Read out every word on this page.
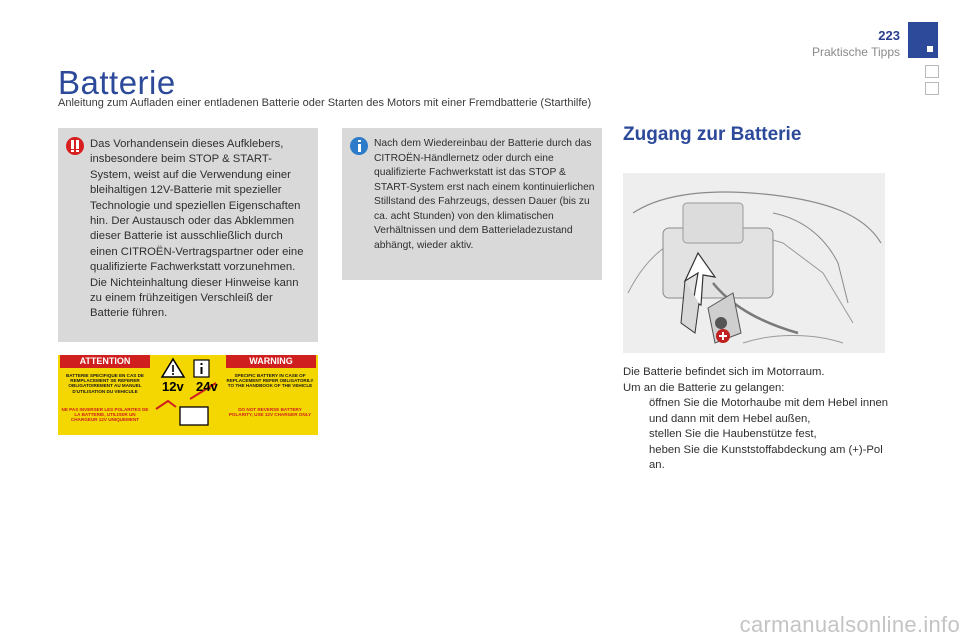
223
Praktische Tipps
Batterie
Anleitung zum Aufladen einer entladenen Batterie oder Starten des Motors mit einer Fremdbatterie (Starthilfe)
Das Vorhandensein dieses Aufklebers, insbesondere beim STOP & START-System, weist auf die Verwendung einer bleihaltigen 12V-Batterie mit spezieller Technologie und speziellen Eigenschaften hin. Der Austausch oder das Abklemmen dieser Batterie ist ausschließlich durch einen CITROËN-Vertragspartner oder eine qualifizierte Fachwerkstatt vorzunehmen. Die Nichteinhaltung dieser Hinweise kann zu einem frühzeitigen Verschleiß der Batterie führen.
Nach dem Wiedereinbau der Batterie durch das CITROËN-Händlernetz oder durch eine qualifizierte Fachwerkstatt ist das STOP & START-System erst nach einem kontinuierlichen Stillstand des Fahrzeugs, dessen Dauer (bis zu ca. acht Stunden) von den klimatischen Verhältnissen und dem Batterieladezustand abhängt, wieder aktiv.
ATTENTION	WARNING
BATTERIE SPECIFIQUE EN CAS DE REMPLACEMENT SE REFERER OBLIGATOIREMENT AU MANUEL D'UTILISATION DU VEHICULE
NE PAS INVERSER LES POLARITES DE LA BATTERIE, UTILISER UN CHARGEUR 12V UNIQUEMENT
SPECIFIC BATTERY IN CASE OF REPLACEMENT REFER OBLIGATORILY TO THE HANDBOOK OF THE VEHICLE
DO NOT REVERSE BATTERY POLARITY, USE 12V CHARGER ONLY
12v 24v
Zugang zur Batterie
Die Batterie befindet sich im Motorraum.
Um an die Batterie zu gelangen:
öffnen Sie die Motorhaube mit dem Hebel innen und dann mit dem Hebel außen,
stellen Sie die Haubenstütze fest,
heben Sie die Kunststoffabdeckung am (+)-Pol an.
carmanualsonline.info
